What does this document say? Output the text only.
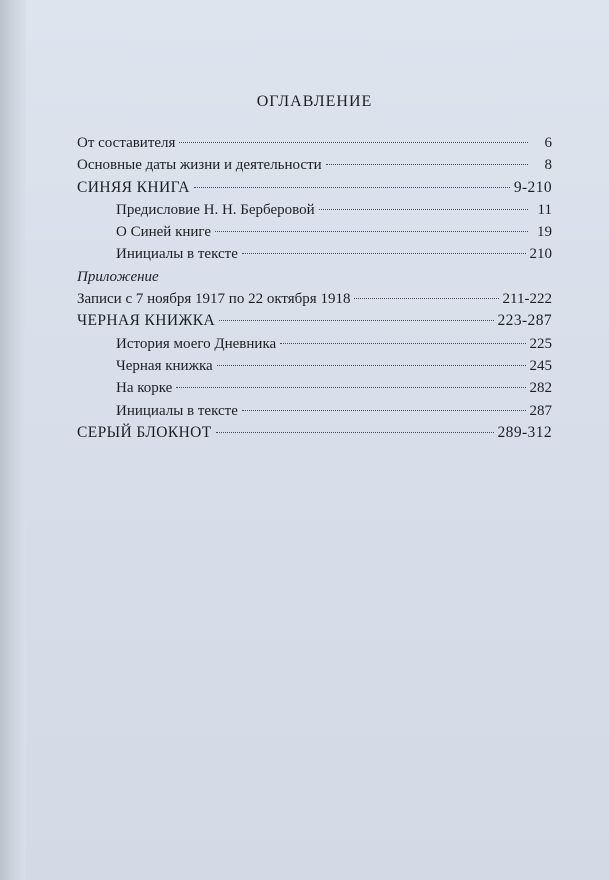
ОГЛАВЛЕНИЕ
От составителя	6
Основные даты жизни и деятельности	8
СИНЯЯ КНИГА	9-210
Предисловие Н. Н. Берберовой	11
О Синей книге	19
Инициалы в тексте	210
Приложение
Записи с 7 ноября 1917 по 22 октября 1918	211-222
ЧЕРНАЯ КНИЖКА	223-287
История моего Дневника	225
Черная книжка	245
На корке	282
Инициалы в тексте	287
СЕРЫЙ БЛОКНОТ	289-312
